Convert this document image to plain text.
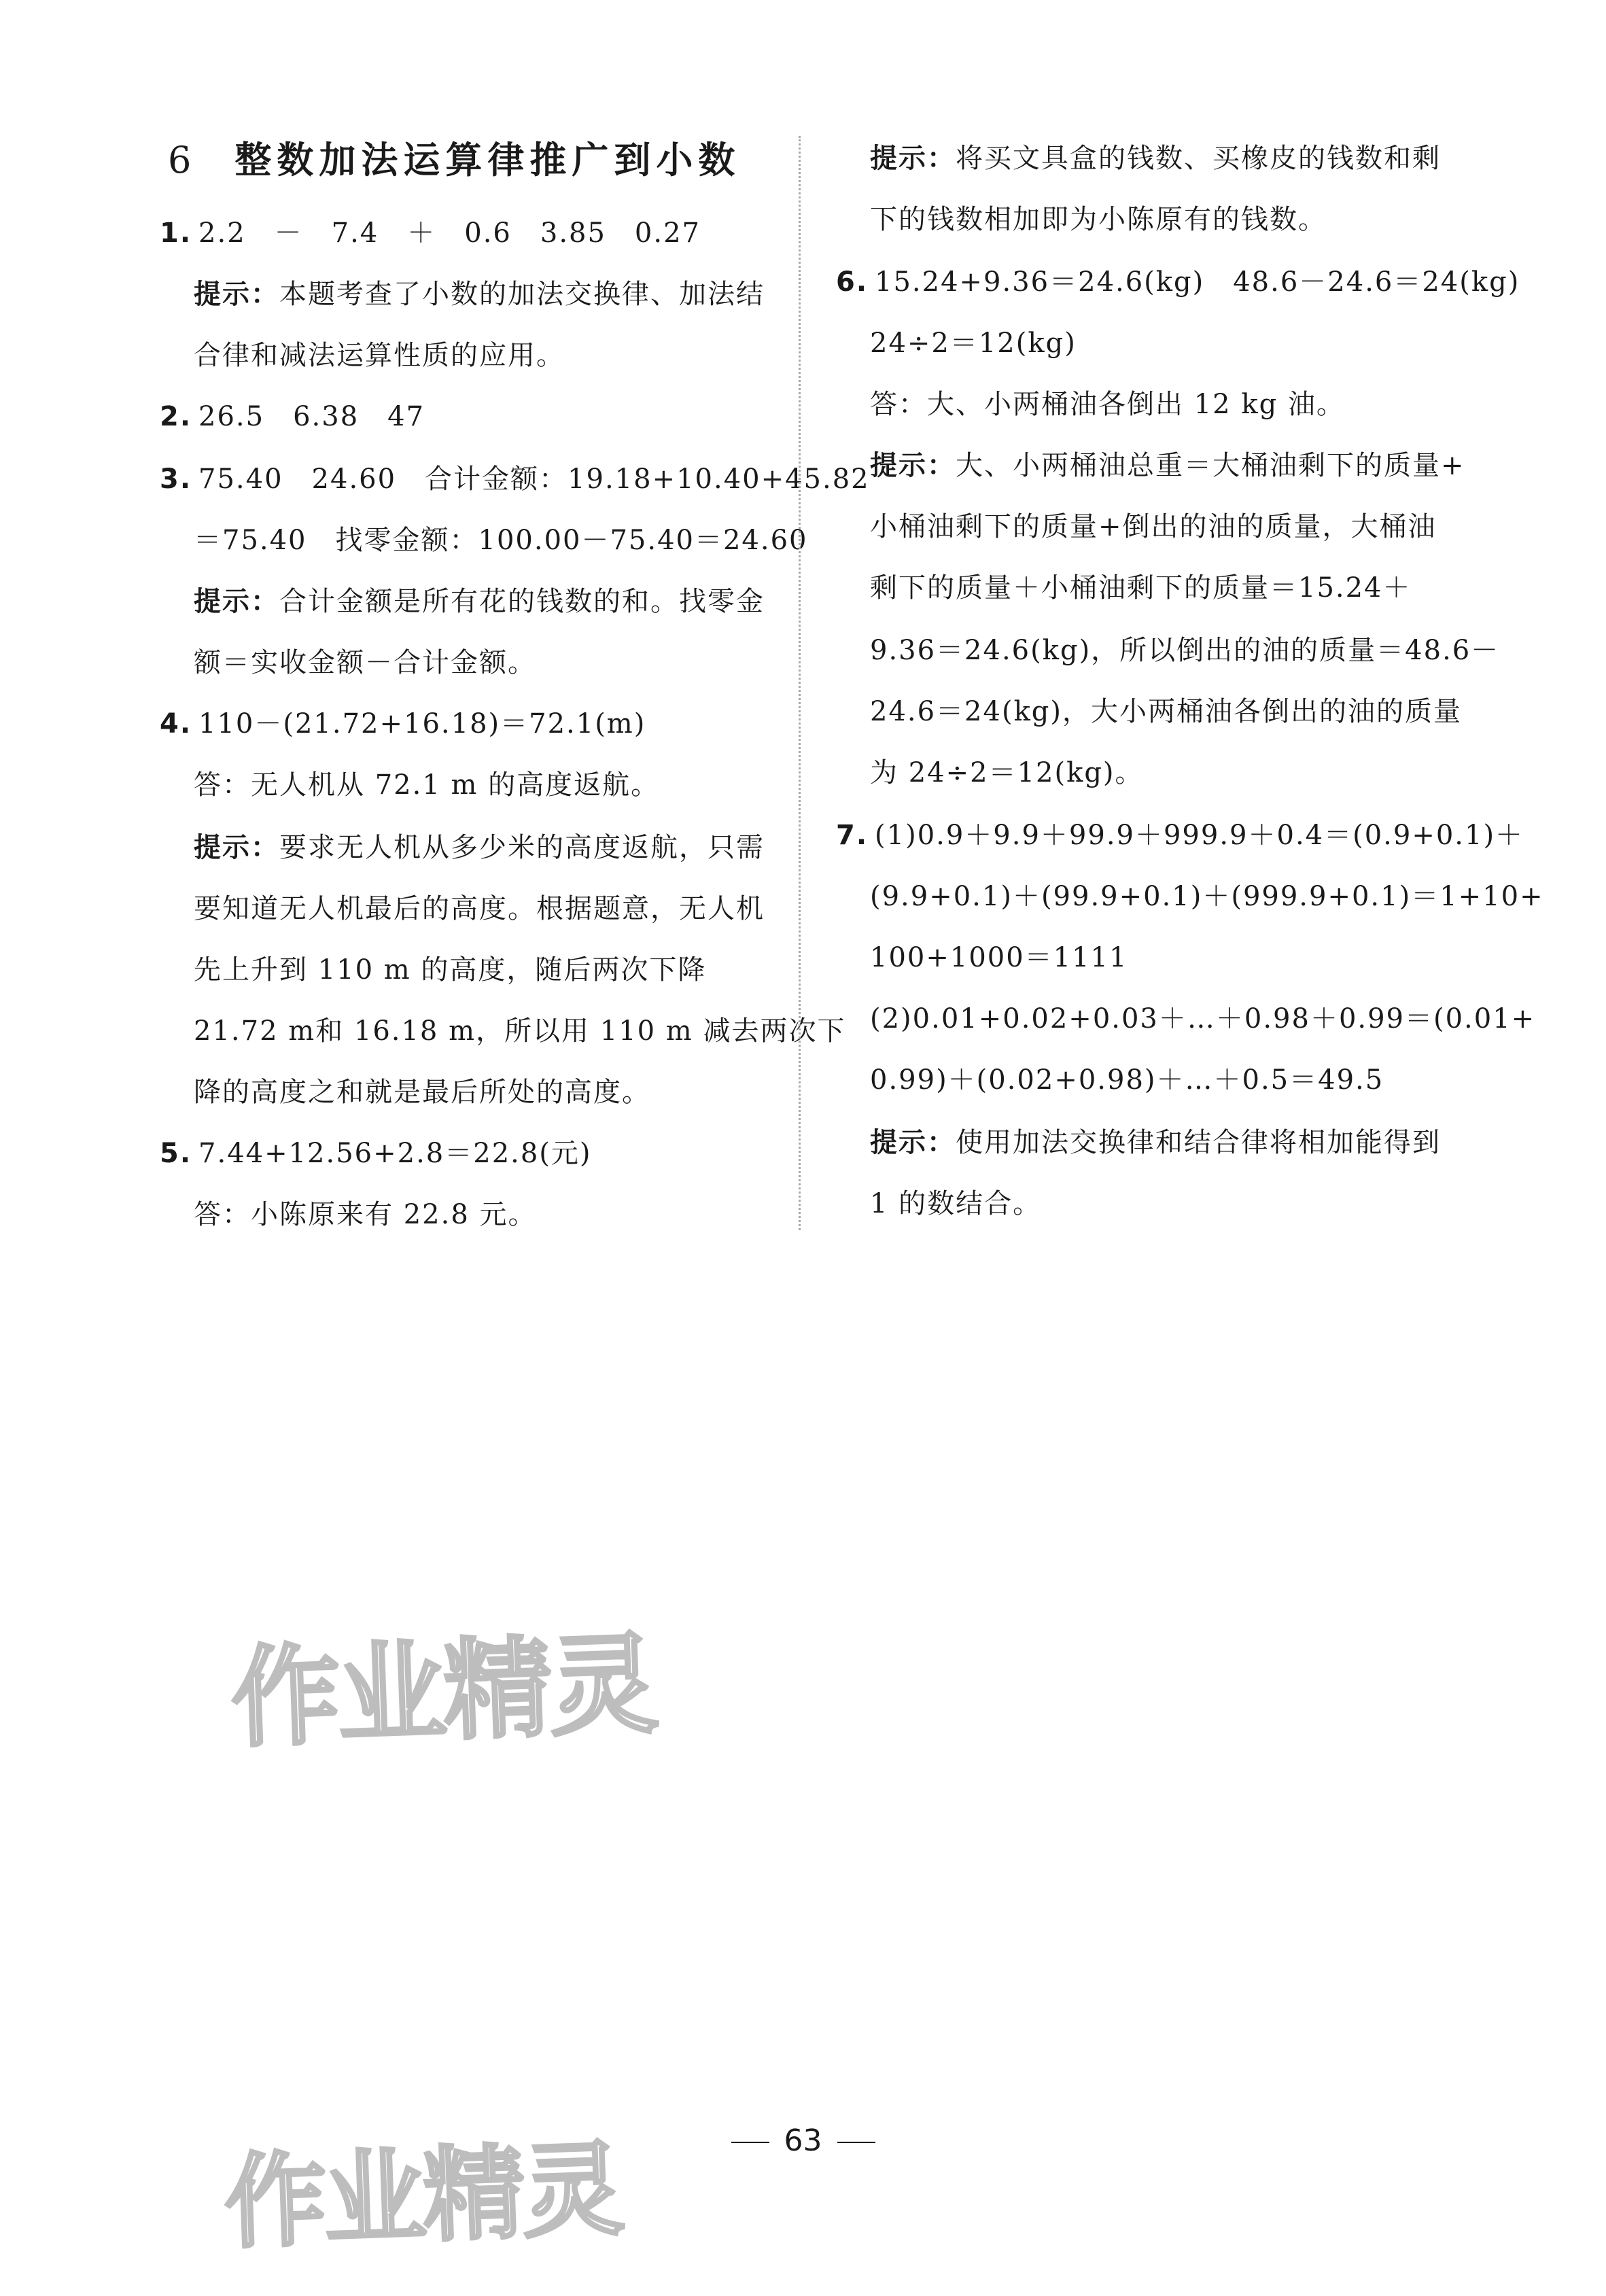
6 整数加法运算律推广到小数
1. 2.2　－　7.4　＋　0.6　3.85　0.27
提示：本题考查了小数的加法交换律、加法结
合律和减法运算性质的应用。
2. 26.5　6.38　47
3. 75.40　24.60　合计金额：19.18+10.40+45.82
＝75.40　找零金额：100.00－75.40＝24.60
提示：合计金额是所有花的钱数的和。找零金
额＝实收金额－合计金额。
4. 110－(21.72+16.18)＝72.1(m)
答：无人机从 72.1 m 的高度返航。
提示：要求无人机从多少米的高度返航，只需
要知道无人机最后的高度。根据题意，无人机
先上升到 110 m 的高度，随后两次下降
21.72 m和 16.18 m，所以用 110 m 减去两次下
降的高度之和就是最后所处的高度。
5. 7.44+12.56+2.8＝22.8(元)
答：小陈原来有 22.8 元。
提示：将买文具盒的钱数、买橡皮的钱数和剩
下的钱数相加即为小陈原有的钱数。
6. 15.24+9.36＝24.6(kg)　48.6－24.6＝24(kg)
24÷2＝12(kg)
答：大、小两桶油各倒出 12 kg 油。
提示：大、小两桶油总重＝大桶油剩下的质量+
小桶油剩下的质量+倒出的油的质量，大桶油
剩下的质量＋小桶油剩下的质量＝15.24＋
9.36＝24.6(kg)，所以倒出的油的质量＝48.6－
24.6＝24(kg)，大小两桶油各倒出的油的质量
为 24÷2＝12(kg)。
7. (1)0.9＋9.9＋99.9＋999.9＋0.4＝(0.9+0.1)＋
(9.9+0.1)＋(99.9+0.1)＋(999.9+0.1)＝1+10+
100+1000＝1111
(2)0.01+0.02+0.03＋…＋0.98＋0.99＝(0.01+
0.99)＋(0.02+0.98)＋…＋0.5＝49.5
提示：使用加法交换律和结合律将相加能得到
1 的数结合。
作业精灵
作业精灵	63
